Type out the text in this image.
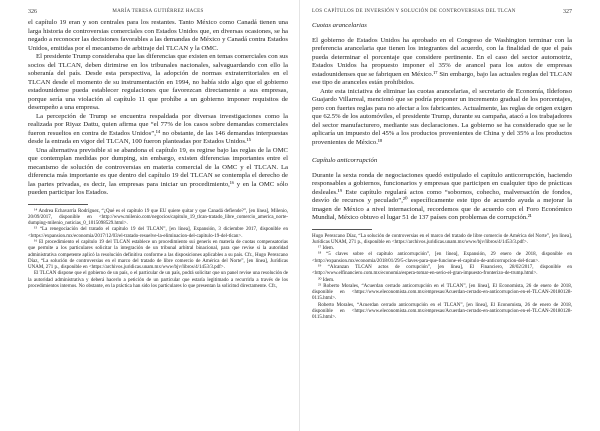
326	MARÍA TERESA GUTIÉRREZ HACES

el capítulo 19 eran y son centrales para los restantes. Tanto México como Canadá tienen una larga historia de controversias comerciales con Estados Unidos que, en diversas ocasiones, se ha negado a reconocer las decisiones favorables a las demandas de México y Canadá contra Estados Unidos, emitidas por el mecanismo de arbitraje del TLCAN y la OMC.

El presidente Trump consideraba que las diferencias que existen en temas comerciales con sus socios del TLCAN, deben dirimirse en los tribunales nacionales, salvaguardando con ello la soberanía del país. Desde esta perspectiva, la adopción de normas extraterritoriales en el TLCAN desde el momento de su instrumentación en 1994, no había sido algo que el gobierno estadounidense pueda establecer regulaciones que favorezcan directamente a sus empresas, porque sería una violación al capítulo 11 que prohíbe a un gobierno imponer requisitos de desempeño a una empresa.

La percepción de Trump se encuentra respaldada por diversas investigaciones como la realizada por Riyaz Dattu, quien afirma que “el 77% de los casos sobre demandas comerciales fueron resueltos en contra de Estados Unidos”,¹⁴ no obstante, de las 146 demandas interpuestas desde la entrada en vigor del TLCAN, 100 fueron planteadas por Estados Unidos.¹⁵

Una alternativa previsible si se abandona el capítulo 19, es regirse bajo las reglas de la OMC que contemplan medidas por dumping, sin embargo, existen diferencias importantes entre el mecanismo de solución de controversias en materia comercial de la OMC y el TLCAN. La diferencia más importante es que dentro del capítulo 19 del TLCAN se contempla el derecho de las partes privadas, es decir, las empresas para iniciar un procedimiento,¹⁶ y en la OMC sólo pueden participar los Estados.

¹⁴ Andrea Echavarría Rodríguez, “¿Qué es el capítulo 19 que EU quiere quitar y que Canadá defiende?”, [en línea], Milenio, 20/09/2017, disponible en <http://www.milenio.com/negocios/capitulo_19_tlcan-tratado_libre_comercio_america_norte-dumping-milenio_noticias_0_1015098529.html>.

¹⁵ “La renegociación del tratado el capítulo 19 del TLCAN”, [en línea], Expansión, 3 diciembre 2017, disponible en <https://expansion.mx/economia/2017/12/03/el-tratado-resuelve-la-eliminacion-del-capitulo-19-del-tlcan>.

¹⁶ El procedimiento el capítulo 19 del TLCAN establece un procedimiento sui generis en materia de cuotas compensatorias que permite a los particulares solicitar la integración de un tribunal arbitral binacional, para que revise si la autoridad administrativa competente aplicó la resolución definitiva conforme a las disposiciones aplicables a su país. Cfr., Hugo Perezcano Díaz, “La solución de controversias en el marco del tratado de libre comercio de América del Norte”, [en línea], Jurídicas UNAM, 271 p., disponible en <https://archivos.juridicas.unam.mx/www/bjv/libros/4/1453/3.pdf>.

El TLCAN dispone que el gobierno de un país, o el particular de un país, podrá solicitar que un panel revise una resolución de la autoridad administrativa y deberá hacerlo a petición de un particular que estaría legitimado a recurrirla a través de los procedimientos internos. No obstante, en la práctica han sido los particulares lo que presentan la solicitud directamente. Cfr.,

LOS CAPÍTULOS DE INVERSIÓN Y SOLUCIÓN DE CONTROVERSIAS DEL TLCAN	327

Cuotas arancelarias

El gobierno de Estados Unidos ha aprobado en el Congreso de Washington terminar con la preferencia arancelaria que tienen los integrantes del acuerdo, con la finalidad de que el país pueda determinar el porcentaje que considere pertinente. En el caso del sector automotriz, Estados Unidos ha propuesto imponer el 35% de arancel para los autos de empresas estadounidenses que se fabriquen en México.¹⁷ Sin embargo, bajo las actuales reglas del TLCAN ese tipo de aranceles están prohibidos.

Ante esta iniciativa de eliminar las cuotas arancelarias, el secretario de Economía, Ildefonso Guajardo Villarreal, mencionó que se podría proponer un incremento gradual de los porcentajes, pero con fuertes reglas para no afectar a los fabricantes. Actualmente, las reglas de origen exigen que 62.5% de los automóviles, el presidente Trump, durante su campaña, atacó a los trabajadores del sector manufacturero, mediante sus declaraciones. La gobierno se ha considerado que se le aplicaría un impuesto del 45% a los productos provenientes de China y del 35% a los productos provenientes de México.¹⁸

Capítulo anticorrupción

Durante la sexta ronda de negociaciones quedó estipulado el capítulo anticorrupción, haciendo responsables a gobiernos, funcionarios y empresas que participen en cualquier tipo de prácticas desleales.¹⁹ Este capítulo regulará actos como “sobornos, cohecho, malversación de fondos, desvío de recursos y peculado”,²⁰ específicamente este tipo de acuerdo ayuda a mejorar la imagen de México a nivel internacional, recordemos que de acuerdo con el Foro Económico Mundial, México obtuvo el lugar 51 de 137 países con problemas de corrupción.²¹

Hugo Perezcano Díaz, “La solución de controversias en el marco del tratado de libre comercio de América del Norte”, [en línea], Jurídicas UNAM, 271 p., disponible en <https://archivos.juridicas.unam.mx/www/bjv/libros/4/1453/3.pdf>.

¹⁷ Idem.

¹⁸ “5 claves sobre el capítulo anticorrupción”, [en línea], Expansión, 29 enero de 2018, disponible en <http://expansion.mx/economia/2018/01/29/5-claves-para-que-funcione-el-capitulo-de-anticorrupcion-del-tlcan>.

¹⁹ “Alcanzan TLCAN actos de corrupción”, [en línea], El Financiero, 28/02/2017, disponible en <http://www.elfinanciero.com.mx/economia/espera-tomar-en-serio-el-gran-impuesto-fronterizo-de-trump.html>.

²⁰ Idem.

²¹ Roberto Morales, “Acuerdan cerrado anticorrupción en el TLCAN”, [en línea], El Economista, 26 de enero de 2018, disponible en <https://www.eleconomista.com.mx/empresas/Acuerdan-cerrado-en-anticorrupcion-en-el-TLCAN-20180128-0115.html>.

Roberto Morales, “Acuerdan cerrado anticorrupción en el TLCAN”, [en línea], El Economista, 26 de enero de 2018, disponible en <https://www.eleconomista.com.mx/empresas/Acuerdan-cerrado-en-anticorrupcion-en-el-TLCAN-20180128-0115.html>.
